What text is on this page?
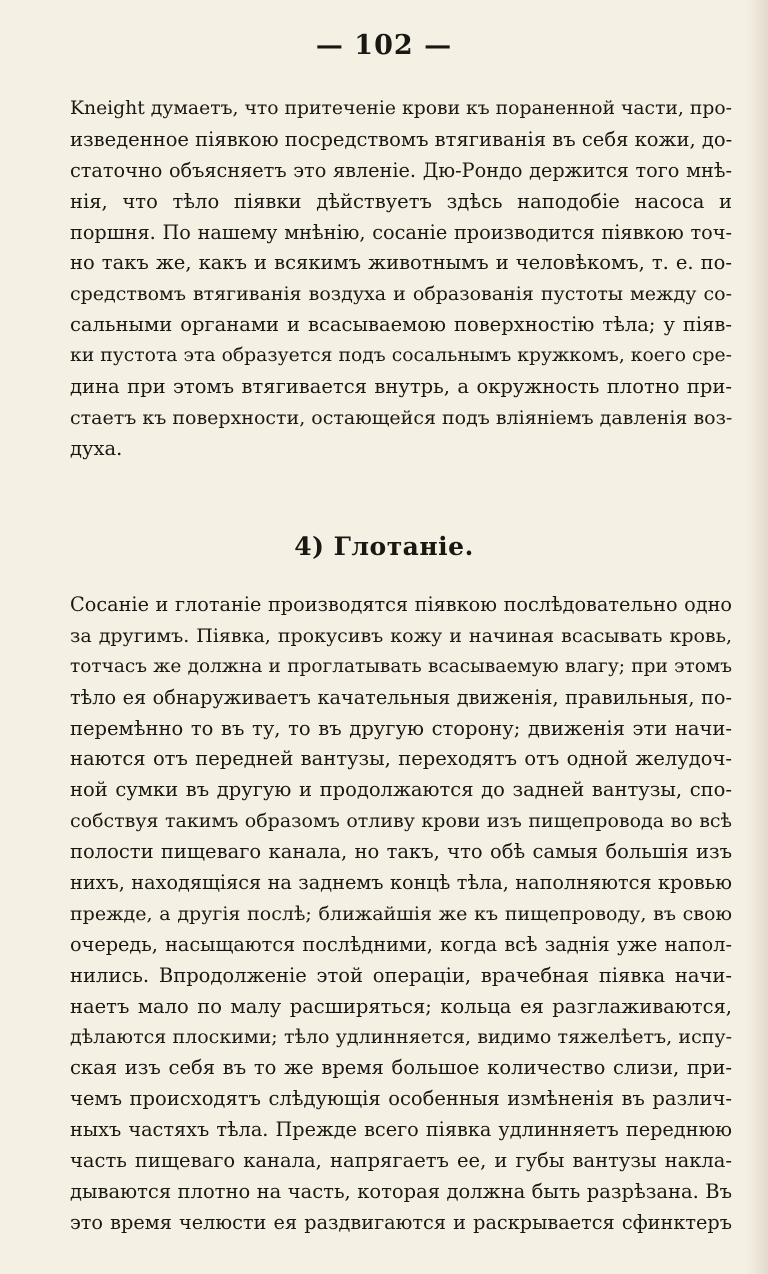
— 102 —
Kneight думаетъ, что притеченіе крови къ пораненной части, про-
изведенное піявкою посредствомъ втягиванія въ себя кожи, до-
статочно объясняетъ это явленіе. Дю-Рондо держится того мнѣ-
нія, что тѣло піявки дѣйствуетъ здѣсь наподобіе насоса и
поршня. По нашему мнѣнію, сосаніе производится піявкою точ-
но такъ же, какъ и всякимъ животнымъ и человѣкомъ, т. е. по-
средствомъ втягиванія воздуха и образованія пустоты между со-
сальными органами и всасываемою поверхностію тѣла; у піяв-
ки пустота эта образуется подъ сосальнымъ кружкомъ, коего сре-
дина при этомъ втягивается внутрь, а окружность плотно при-
стаетъ къ поверхности, остающейся подъ вліяніемъ давленія воз-
духа.
4) Глотаніе.
Сосаніе и глотаніе производятся піявкою послѣдовательно одно
за другимъ. Піявка, прокусивъ кожу и начиная всасывать кровь,
тотчасъ же должна и проглатывать всасываемую влагу; при этомъ
тѣло ея обнаруживаетъ качательныя движенія, правильныя, по-
перемѣнно то въ ту, то въ другую сторону; движенія эти начи-
наются отъ передней вантузы, переходятъ отъ одной желудоч-
ной сумки въ другую и продолжаются до задней вантузы, спо-
собствуя такимъ образомъ отливу крови изъ пищепровода во всѣ
полости пищеваго канала, но такъ, что обѣ самыя большія изъ
нихъ, находящіяся на заднемъ концѣ тѣла, наполняются кровью
прежде, а другія послѣ; ближайшія же къ пищепроводу, въ свою
очередь, насыщаются послѣдними, когда всѣ заднія уже напол-
нились. Впродолженіе этой операціи, врачебная піявка начи-
наетъ мало по малу расширяться; кольца ея разглаживаются,
дѣлаются плоскими; тѣло удлинняется, видимо тяжелѣетъ, испу-
ская изъ себя въ то же время большое количество слизи, при-
чемъ происходятъ слѣдующія особенныя измѣненія въ различ-
ныхъ частяхъ тѣла. Прежде всего піявка удлинняетъ переднюю
часть пищеваго канала, напрягаетъ ее, и губы вантузы накла-
дываются плотно на часть, которая должна быть разрѣзана. Въ
это время челюсти ея раздвигаются и раскрывается сфинктеръ
